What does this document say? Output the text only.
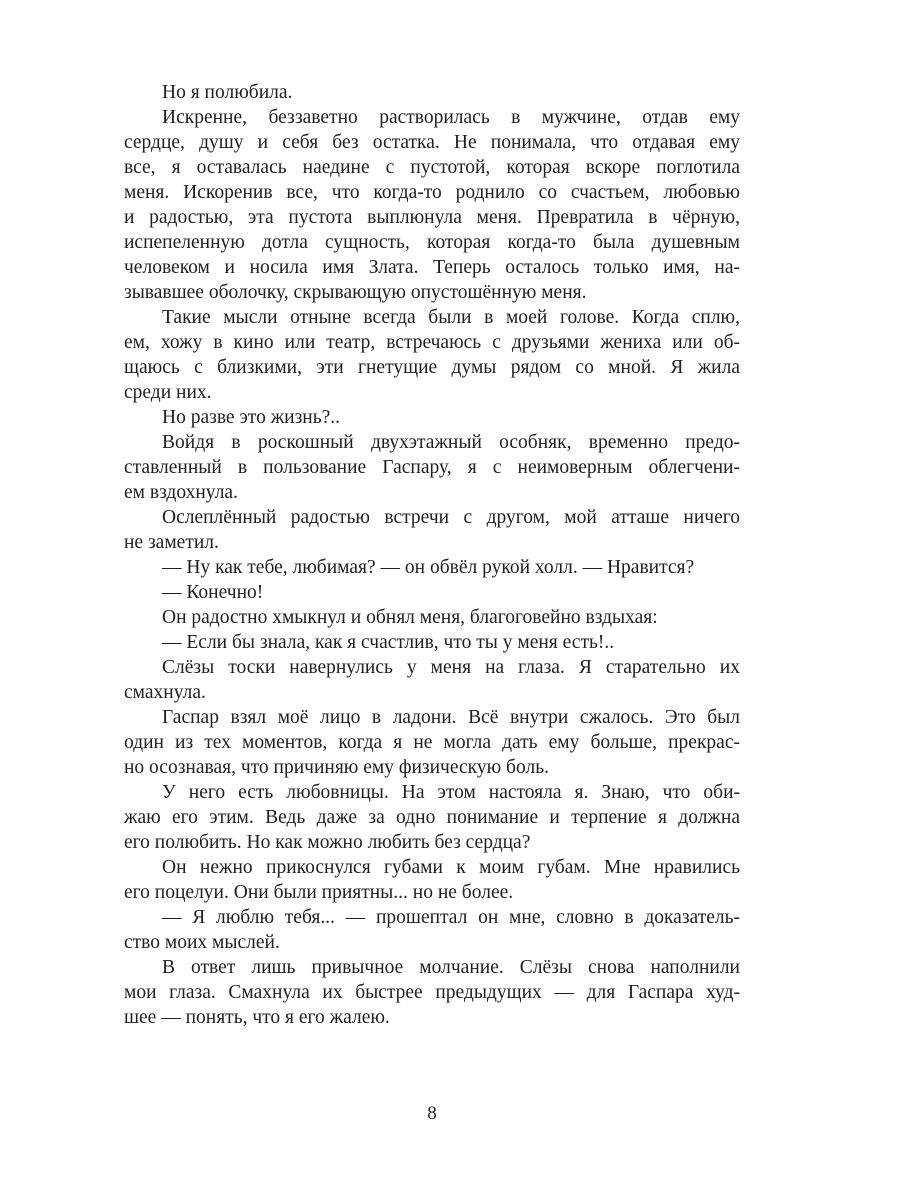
Но я полюбила.

Искренне, беззаветно растворилась в мужчине, отдав ему
сердце, душу и себя без остатка. Не понимала, что отдавая ему
все, я оставалась наедине с пустотой, которая вскоре поглотила
меня. Искоренив все, что когда-то роднило со счастьем, любовью
и радостью, эта пустота выплюнула меня. Превратила в чёрную,
испепеленную дотла сущность, которая когда-то была душевным
человеком и носила имя Злата. Теперь осталось только имя, на-
зывавшее оболочку, скрывающую опустошённую меня.

Такие мысли отныне всегда были в моей голове. Когда сплю,
ем, хожу в кино или театр, встречаюсь с друзьями жениха или об-
щаюсь с близкими, эти гнетущие думы рядом со мной. Я жила
среди них.

Но разве это жизнь?..

Войдя в роскошный двухэтажный особняк, временно предо-
ставленный в пользование Гаспару, я с неимоверным облегчени-
ем вздохнула.

Ослеплённый радостью встречи с другом, мой атташе ничего
не заметил.

— Ну как тебе, любимая? — он обвёл рукой холл. — Нравится?

— Конечно!

Он радостно хмыкнул и обнял меня, благоговейно вздыхая:

— Если бы знала, как я счастлив, что ты у меня есть!..

Слёзы тоски навернулись у меня на глаза. Я старательно их
смахнула.

Гаспар взял моё лицо в ладони. Всё внутри сжалось. Это был
один из тех моментов, когда я не могла дать ему больше, прекрас-
но осознавая, что причиняю ему физическую боль.

У него есть любовницы. На этом настояла я. Знаю, что оби-
жаю его этим. Ведь даже за одно понимание и терпение я должна
его полюбить. Но как можно любить без сердца?

Он нежно прикоснулся губами к моим губам. Мне нравились
его поцелуи. Они были приятны... но не более.

— Я люблю тебя... — прошептал он мне, словно в доказатель-
ство моих мыслей.

В ответ лишь привычное молчание. Слёзы снова наполнили
мои глаза. Смахнула их быстрее предыдущих — для Гаспара худ-
шее — понять, что я его жалею.

8
